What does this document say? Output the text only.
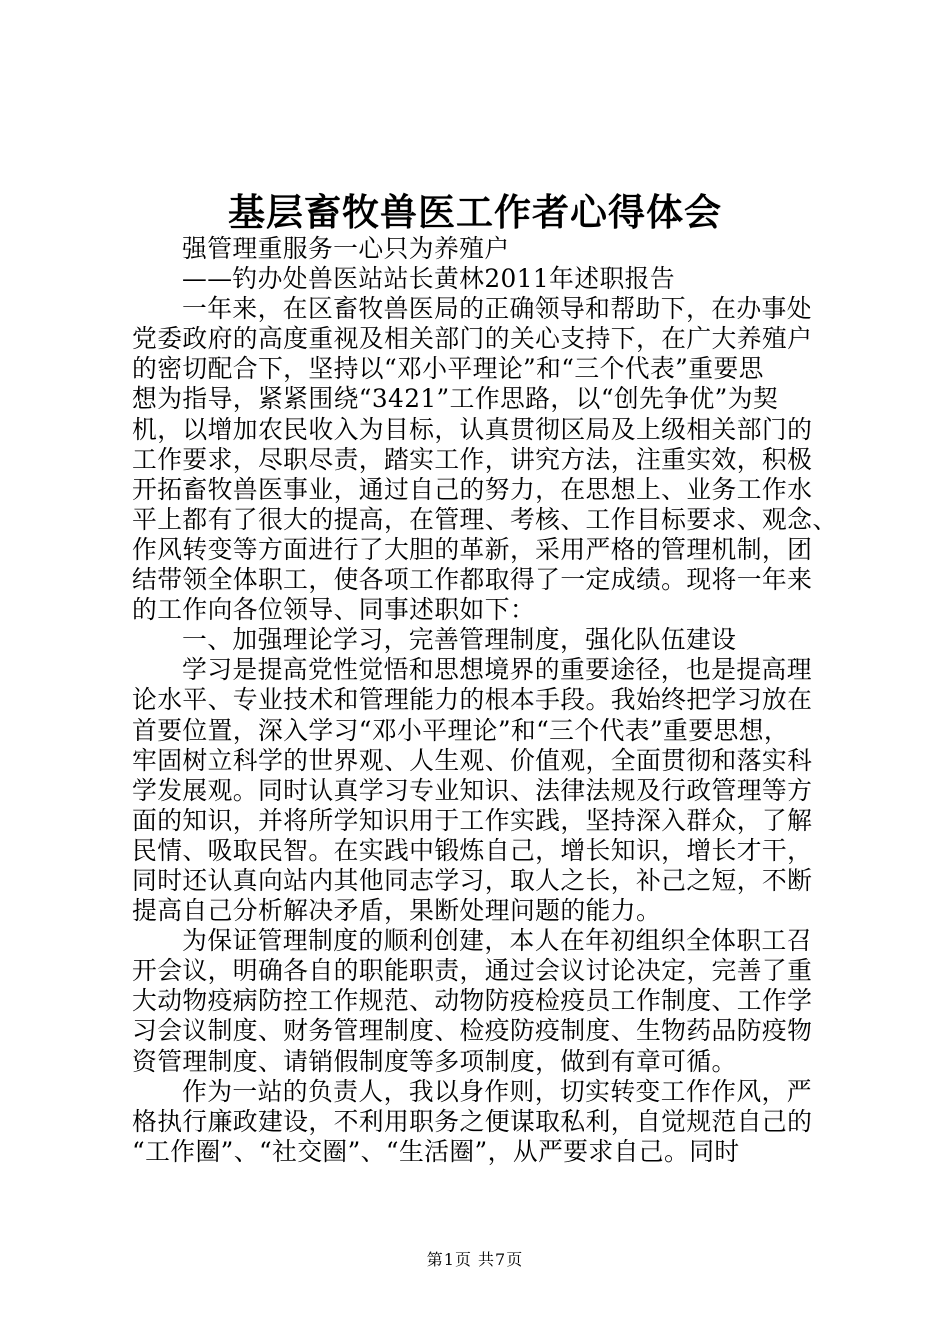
基层畜牧兽医工作者心得体会
强管理重服务一心只为养殖户
——钓办处兽医站站长黄林2011年述职报告
一年来，在区畜牧兽医局的正确领导和帮助下，在办事处
党委政府的高度重视及相关部门的关心支持下，在广大养殖户
的密切配合下，坚持以“邓小平理论”和“三个代表”重要思
想为指导，紧紧围绕“3421”工作思路，以“创先争优”为契
机，以增加农民收入为目标，认真贯彻区局及上级相关部门的
工作要求，尽职尽责，踏实工作，讲究方法，注重实效，积极
开拓畜牧兽医事业，通过自己的努力，在思想上、业务工作水
平上都有了很大的提高，在管理、考核、工作目标要求、观念、
作风转变等方面进行了大胆的革新，采用严格的管理机制，团
结带领全体职工，使各项工作都取得了一定成绩。现将一年来
的工作向各位领导、同事述职如下：
一、加强理论学习，完善管理制度，强化队伍建设
学习是提高党性觉悟和思想境界的重要途径，也是提高理
论水平、专业技术和管理能力的根本手段。我始终把学习放在
首要位置，深入学习“邓小平理论”和“三个代表”重要思想，
牢固树立科学的世界观、人生观、价值观，全面贯彻和落实科
学发展观。同时认真学习专业知识、法律法规及行政管理等方
面的知识，并将所学知识用于工作实践，坚持深入群众，了解
民情、吸取民智。在实践中锻炼自己，增长知识，增长才干，
同时还认真向站内其他同志学习，取人之长，补己之短，不断
提高自己分析解决矛盾，果断处理问题的能力。
为保证管理制度的顺利创建，本人在年初组织全体职工召
开会议，明确各自的职能职责，通过会议讨论决定，完善了重
大动物疫病防控工作规范、动物防疫检疫员工作制度、工作学
习会议制度、财务管理制度、检疫防疫制度、生物药品防疫物
资管理制度、请销假制度等多项制度，做到有章可循。
作为一站的负责人，我以身作则，切实转变工作作风，严
格执行廉政建设，不利用职务之便谋取私利，自觉规范自己的
“工作圈”、“社交圈”、“生活圈”，从严要求自己。同时
第1页 共7页
